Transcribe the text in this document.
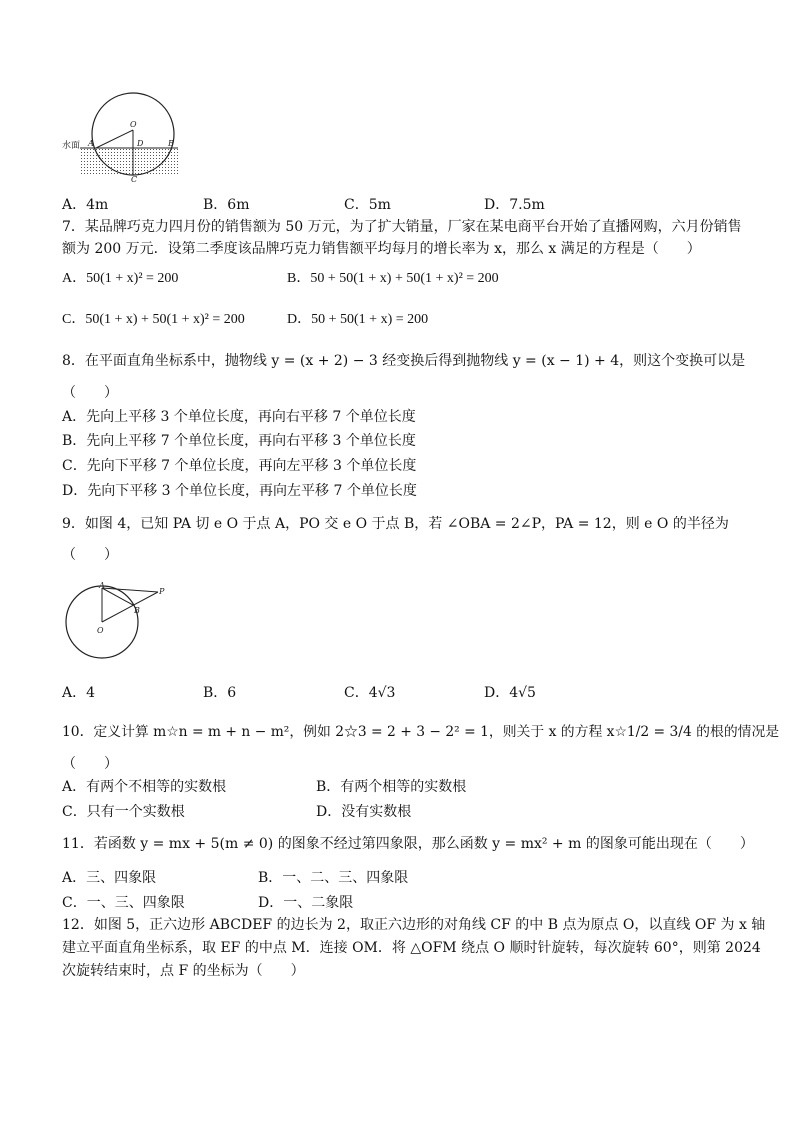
水面
O
A	D	B
C
A．4m	B．6m	C．5m	D．7.5m
7．某品牌巧克力四月份的销售额为 50 万元，为了扩大销量，厂家在某电商平台开始了直播网购，六月份销售
额为 200 万元．设第二季度该品牌巧克力销售额平均每月的增长率为 x，那么 x 满足的方程是（　　）
A．50(1 + x)² = 200	B．50 + 50(1 + x) + 50(1 + x)² = 200
C．50(1 + x) + 50(1 + x)² = 200	D．50 + 50(1 + x) = 200
8．在平面直角坐标系中，抛物线 y = (x + 2) − 3 经变换后得到抛物线 y = (x − 1) + 4，则这个变换可以是
（　　）
A．先向上平移 3 个单位长度，再向右平移 7 个单位长度
B．先向上平移 7 个单位长度，再向右平移 3 个单位长度
C．先向下平移 7 个单位长度，再向左平移 3 个单位长度
D．先向下平移 3 个单位长度，再向左平移 7 个单位长度
9．如图 4，已知 PA 切 e O 于点 A，PO 交 e O 于点 B，若 ∠OBA = 2∠P，PA = 12，则 e O 的半径为
（　　）
A
P
B
O
A．4	B．6	C．4√3	D．4√5
10．定义计算 m☆n = m + n − m²，例如 2☆3 = 2 + 3 − 2² = 1，则关于 x 的方程 x☆1/2 = 3/4 的根的情况是
（　　）
A．有两个不相等的实数根	B．有两个相等的实数根
C．只有一个实数根	D．没有实数根
11．若函数 y = mx + 5(m ≠ 0) 的图象不经过第四象限，那么函数 y = mx² + m 的图象可能出现在（　　）
A．三、四象限	B．一、二、三、四象限
C．一、三、四象限	D．一、二象限
12．如图 5，正六边形 ABCDEF 的边长为 2，取正六边形的对角线 CF 的中 B 点为原点 O，以直线 OF 为 x 轴
建立平面直角坐标系，取 EF 的中点 M．连接 OM．将 △OFM 绕点 O 顺时针旋转，每次旋转 60°，则第 2024
次旋转结束时，点 F 的坐标为（　　）
